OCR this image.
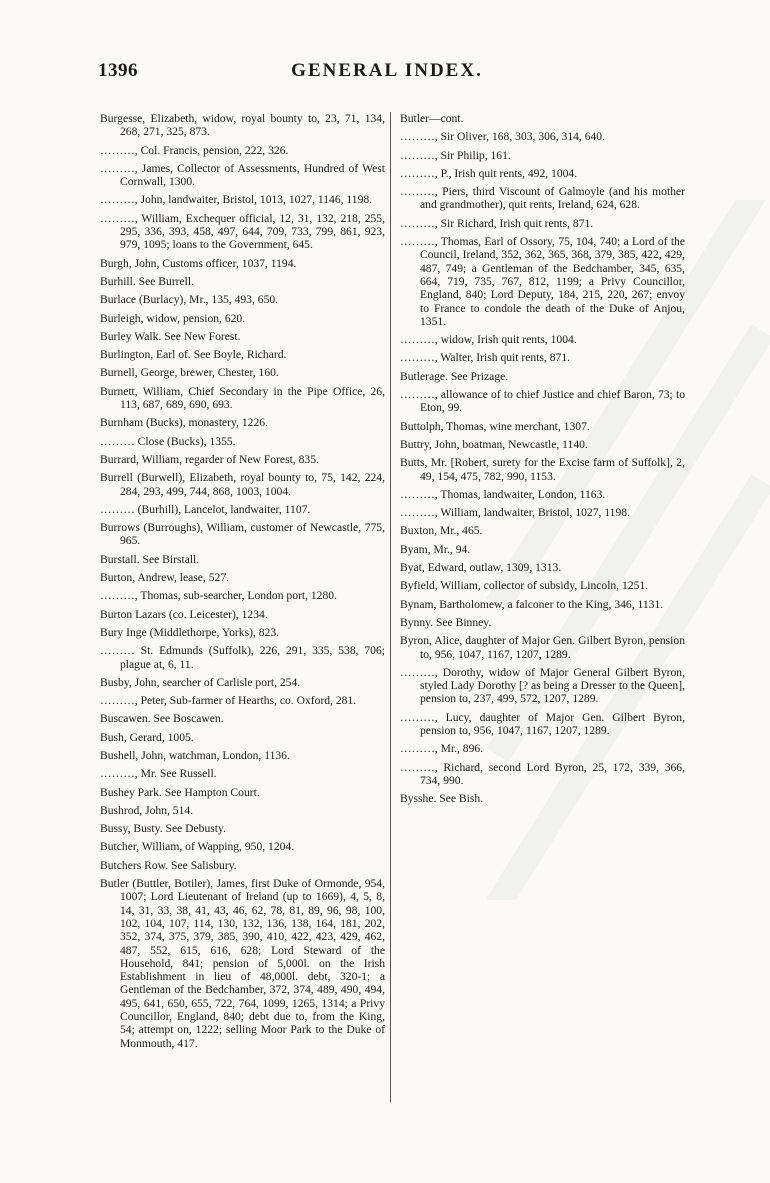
1396	GENERAL INDEX.
Burgesse, Elizabeth, widow, royal bounty to, 23, 71, 134, 268, 271, 325, 873.
………, Col. Francis, pension, 222, 326.
………, James, Collector of Assessments, Hundred of West Cornwall, 1300.
………, John, landwaiter, Bristol, 1013, 1027, 1146, 1198.
………, William, Exchequer official, 12, 31, 132, 218, 255, 295, 336, 393, 458, 497, 644, 709, 733, 799, 861, 923, 979, 1095; loans to the Government, 645.
Burgh, John, Customs officer, 1037, 1194.
Burhill. See Burrell.
Burlace (Burlacy), Mr., 135, 493, 650.
Burleigh, widow, pension, 620.
Burley Walk. See New Forest.
Burlington, Earl of. See Boyle, Richard.
Burnell, George, brewer, Chester, 160.
Burnett, William, Chief Secondary in the Pipe Office, 26, 113, 687, 689, 690, 693.
Burnham (Bucks), monastery, 1226.
……… Close (Bucks), 1355.
Burrard, William, regarder of New Forest, 835.
Burrell (Burwell), Elizabeth, royal bounty to, 75, 142, 224, 284, 293, 499, 744, 868, 1003, 1004.
……… (Burhill), Lancelot, landwaiter, 1107.
Burrows (Burroughs), William, customer of Newcastle, 775, 965.
Burstall. See Birstall.
Burton, Andrew, lease, 527.
………, Thomas, sub-searcher, London port, 1280.
Burton Lazars (co. Leicester), 1234.
Bury Inge (Middlethorpe, Yorks), 823.
……… St. Edmunds (Suffolk), 226, 291, 335, 538, 706; plague at, 6, 11.
Busby, John, searcher of Carlisle port, 254.
………, Peter, Sub-farmer of Hearths, co. Oxford, 281.
Buscawen. See Boscawen.
Bush, Gerard, 1005.
Bushell, John, watchman, London, 1136.
………, Mr. See Russell.
Bushey Park. See Hampton Court.
Bushrod, John, 514.
Bussy, Busty. See Debusty.
Butcher, William, of Wapping, 950, 1204.
Butchers Row. See Salisbury.
Butler (Buttler, Botiler), James, first Duke of Ormonde, 954, 1007; Lord Lieutenant of Ireland (up to 1669), 4, 5, 8, 14, 31, 33, 38, 41, 43, 46, 62, 78, 81, 89, 96, 98, 100, 102, 104, 107, 114, 130, 132, 136, 138, 164, 181, 202, 352, 374, 375, 379, 385, 390, 410, 422, 423, 429, 462, 487, 552, 615, 616, 628; Lord Steward of the Household, 841; pension of 5,000l. on the Irish Establishment in lieu of 48,000l. debt, 320-1; a Gentleman of the Bedchamber, 372, 374, 489, 490, 494, 495, 641, 650, 655, 722, 764, 1099, 1265, 1314; a Privy Councillor, England, 840; debt due to, from the King, 54; attempt on, 1222; selling Moor Park to the Duke of Monmouth, 417.
Butler—cont.
………, Sir Oliver, 168, 303, 306, 314, 640.
………, Sir Philip, 161.
………, P., Irish quit rents, 492, 1004.
………, Piers, third Viscount of Galmoyle (and his mother and grandmother), quit rents, Ireland, 624, 628.
………, Sir Richard, Irish quit rents, 871.
………, Thomas, Earl of Ossory, 75, 104, 740; a Lord of the Council, Ireland, 352, 362, 365, 368, 379, 385, 422, 429, 487, 749; a Gentleman of the Bedchamber, 345, 635, 664, 719, 735, 767, 812, 1199; a Privy Councillor, England, 840; Lord Deputy, 184, 215, 220, 267; envoy to France to condole the death of the Duke of Anjou, 1351.
………, widow, Irish quit rents, 1004.
………, Walter, Irish quit rents, 871.
Butlerage. See Prizage.
………, allowance of to chief Justice and chief Baron, 73; to Eton, 99.
Buttolph, Thomas, wine merchant, 1307.
Buttry, John, boatman, Newcastle, 1140.
Butts, Mr. [Robert, surety for the Excise farm of Suffolk], 2, 49, 154, 475, 782, 990, 1153.
………, Thomas, landwaiter, London, 1163.
………, William, landwaiter, Bristol, 1027, 1198.
Buxton, Mr., 465.
Byam, Mr., 94.
Byat, Edward, outlaw, 1309, 1313.
Byfield, William, collector of subsidy, Lincoln, 1251.
Bynam, Bartholomew, a falconer to the King, 346, 1131.
Bynny. See Binney.
Byron, Alice, daughter of Major Gen. Gilbert Byron, pension to, 956, 1047, 1167, 1207, 1289.
………, Dorothy, widow of Major General Gilbert Byron, styled Lady Dorothy [? as being a Dresser to the Queen], pension to, 237, 499, 572, 1207, 1289.
………, Lucy, daughter of Major Gen. Gilbert Byron, pension to, 956, 1047, 1167, 1207, 1289.
………, Mr., 896.
………, Richard, second Lord Byron, 25, 172, 339, 366, 734, 990.
Bysshe. See Bish.
